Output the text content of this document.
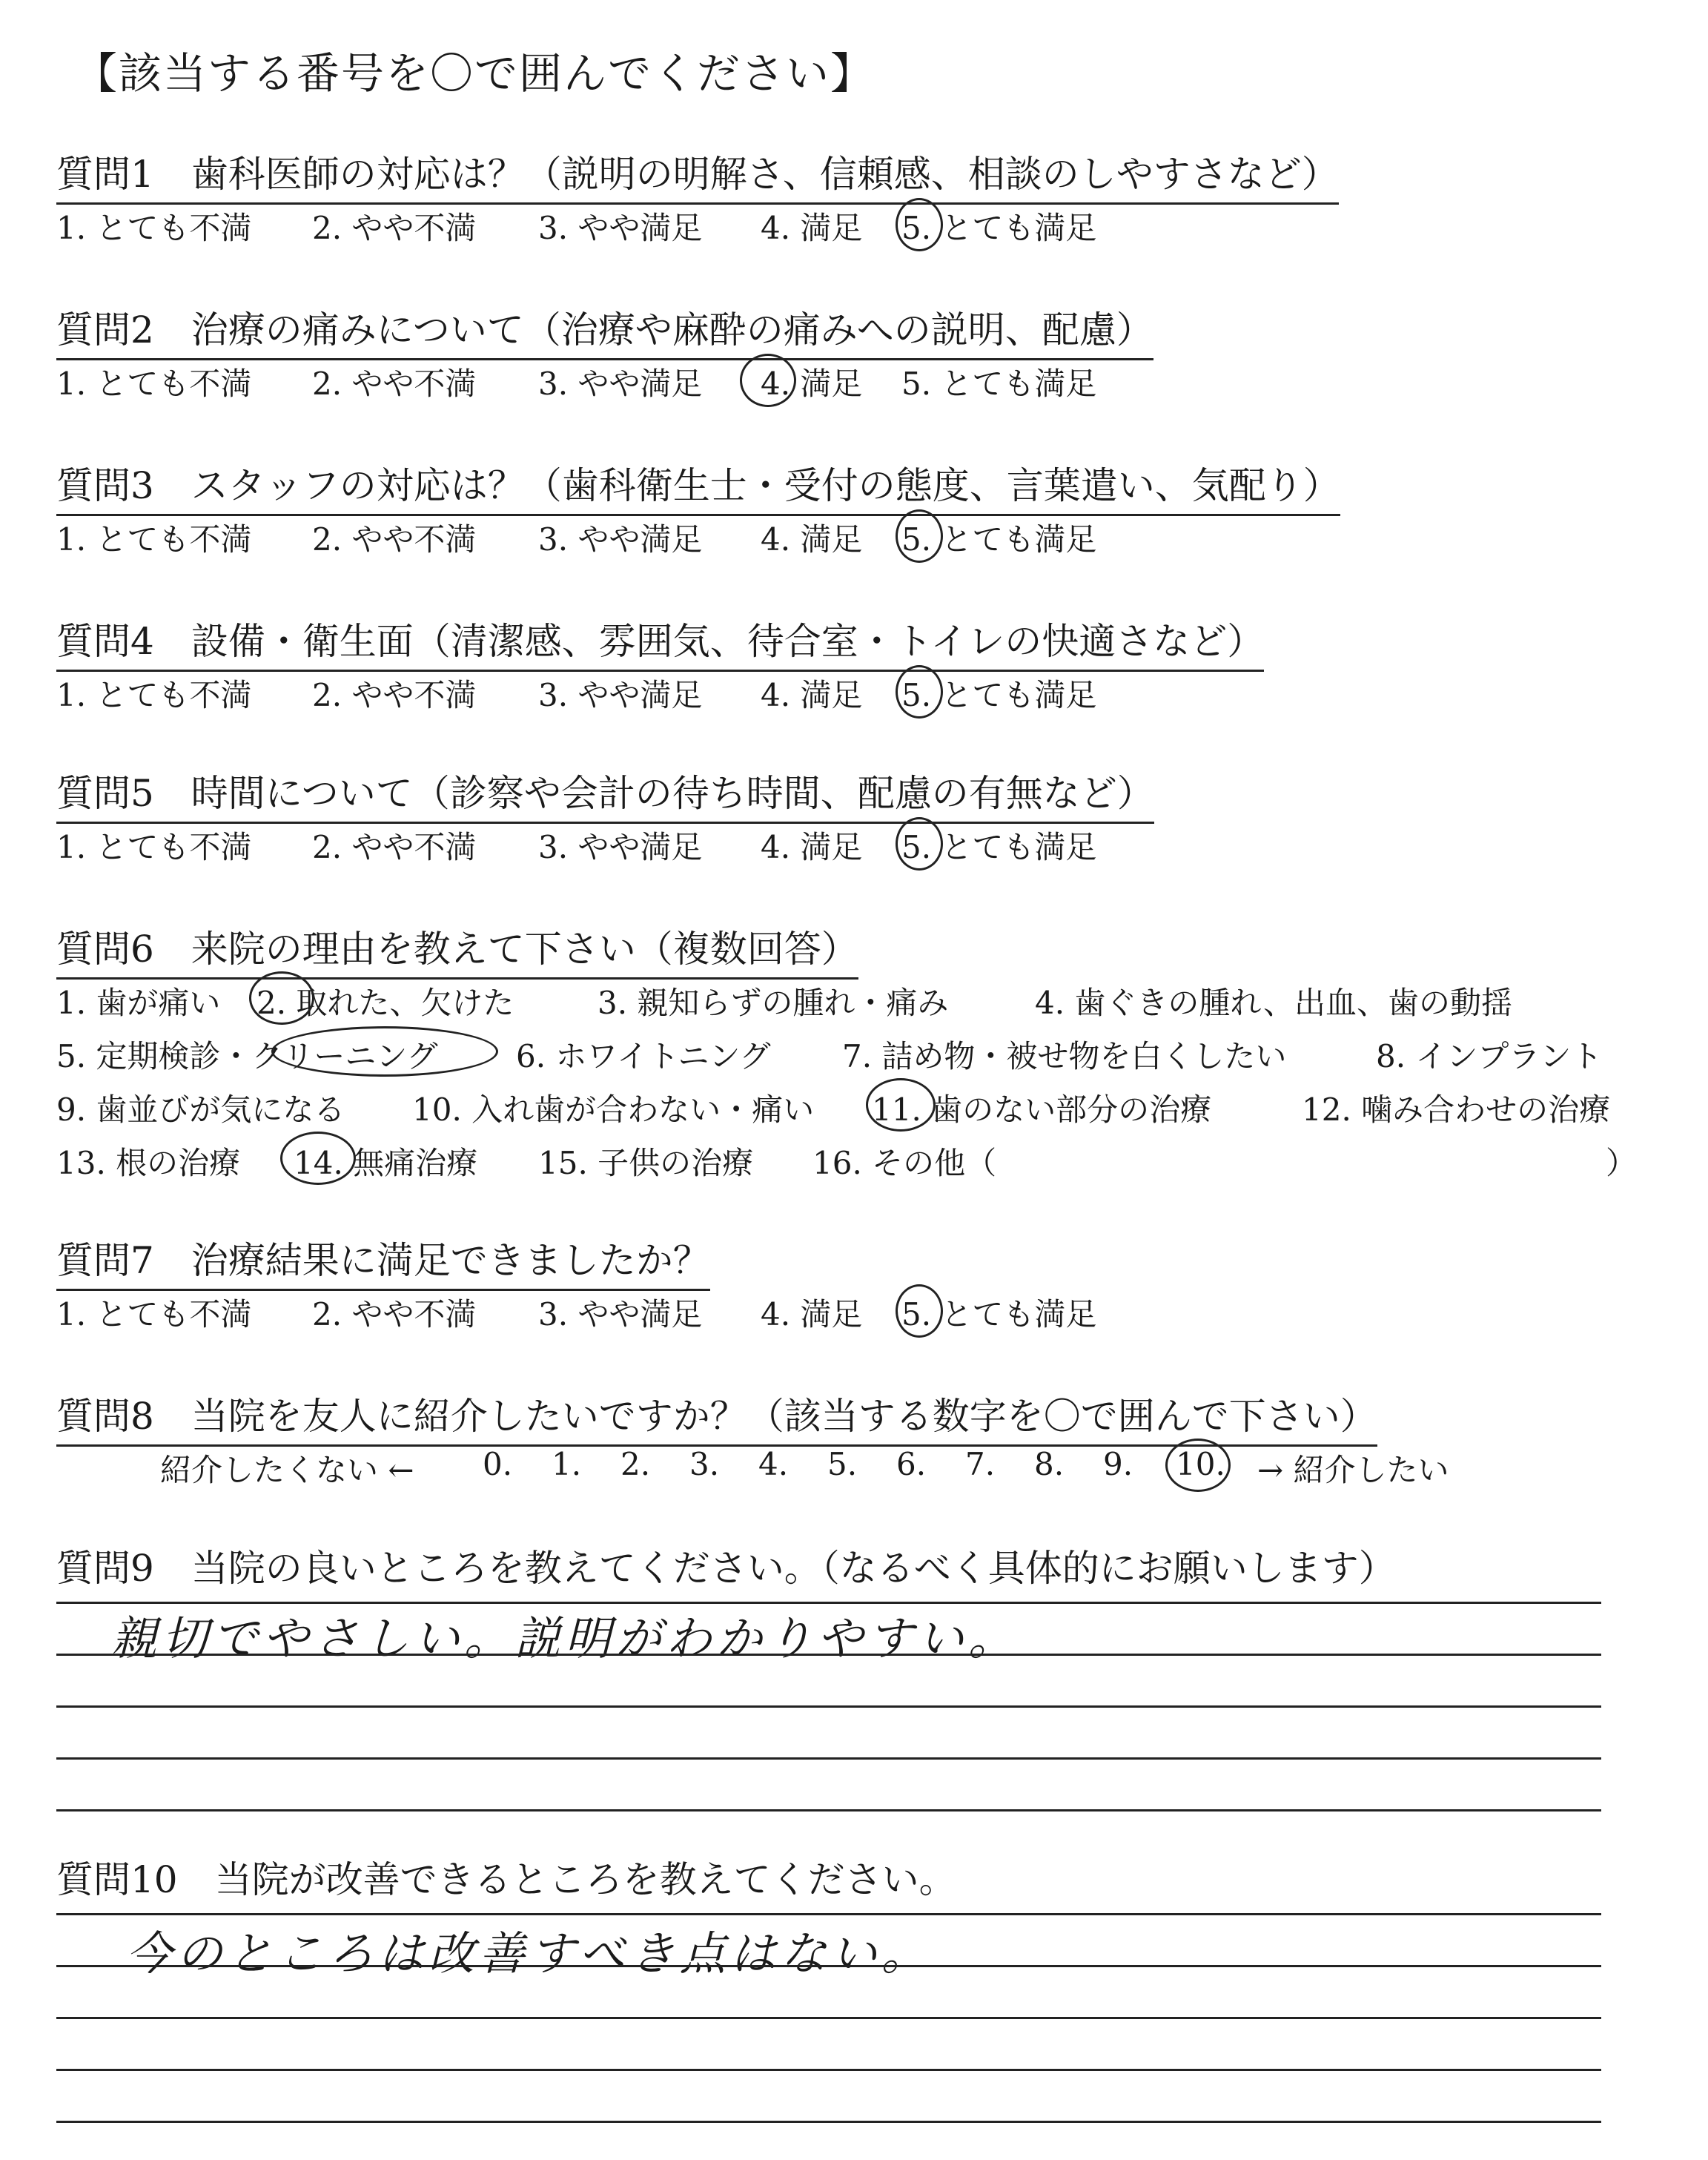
【該当する番号を〇で囲んでください】
質問1　歯科医師の対応は？（説明の明解さ、信頼感、相談のしやすさなど）
1. とても不満 2. やや不満 3. やや満足 4. 満足 5. とても満足
質問2　治療の痛みについて（治療や麻酔の痛みへの説明、配慮）
1. とても不満 2. やや不満 3. やや満足 4. 満足 5. とても満足
質問3　スタッフの対応は？（歯科衛生士・受付の態度、言葉遣い、気配り）
1. とても不満 2. やや不満 3. やや満足 4. 満足 5. とても満足
質問4　設備・衛生面（清潔感、雰囲気、待合室・トイレの快適さなど）
1. とても不満 2. やや不満 3. やや満足 4. 満足 5. とても満足
質問5　時間について（診察や会計の待ち時間、配慮の有無など）
1. とても不満 2. やや不満 3. やや満足 4. 満足 5. とても満足
質問6　来院の理由を教えて下さい（複数回答）
1. 歯が痛い 2. 取れた、欠けた	3. 親知らずの腫れ・痛み	4. 歯ぐきの腫れ、出血、歯の動揺
5. 定期検診・クリーニング	6. ホワイトニング 7. 詰め物・被せ物を白くしたい	8. インプラント
9. 歯並びが気になる 10. 入れ歯が合わない・痛い 11. 歯のない部分の治療	12. 噛み合わせの治療
13. 根の治療 14. 無痛治療 15. 子供の治療 16. その他（	）
質問7　治療結果に満足できましたか？
1. とても不満 2. やや不満 3. やや満足 4. 満足 5. とても満足
質問8　当院を友人に紹介したいですか？（該当する数字を〇で囲んで下さい）
紹介したくない ← 0. 1. 2. 3. 4. 5. 6. 7. 8. 9. 10. → 紹介したい
質問9　当院の良いところを教えてください。（なるべく具体的にお願いします）
親切でやさしい。説明がわかりやすい。
質問10　当院が改善できるところを教えてください。
今のところは改善すべき点はない。
